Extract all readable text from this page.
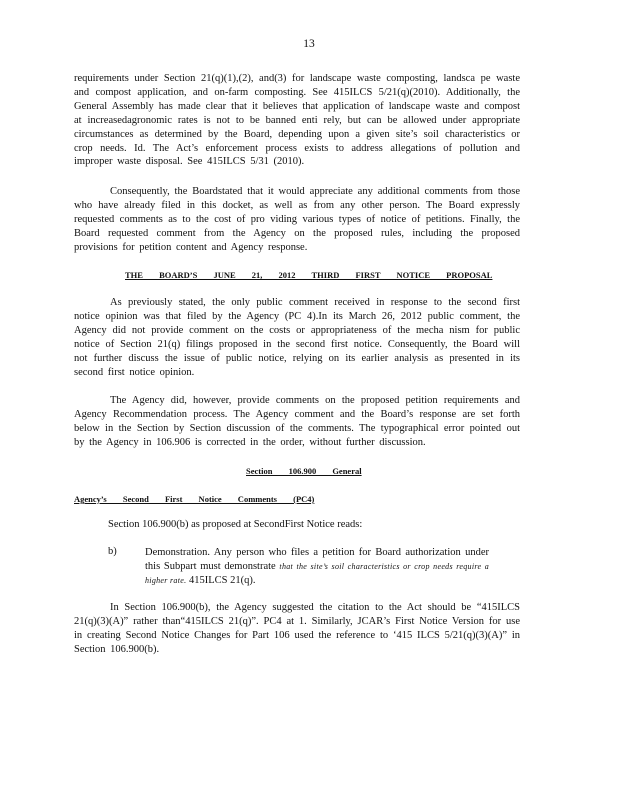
13

requirements under Section 21(q)(1),(2), and(3) for landscape waste composting, landsca pe waste and compost application, and on-farm composting. See 415ILCS 5/21(q)(2010). Additionally, the General Assembly has made clear that it believes that application of landscape waste and compost at increasedagronomic rates is not to be banned enti rely, but can be allowed under appropriate circumstances as determined by the Board, depending upon a given site’s soil characteristics or crop needs. Id. The Act’s enforcement process exists to address allegations of pollution and improper waste disposal. See 415ILCS 5/31 (2010).

Consequently, the Boardstated that it would appreciate any additional comments from those who have already filed in this docket, as well as from any other person. The Board expressly requested comments as to the cost of pro viding various types of notice of petitions. Finally, the Board requested comment from the Agency on the proposed rules, including the proposed provisions for petition content and Agency response.

THE BOARD’S JUNE 21, 2012 THIRD FIRST NOTICE PROPOSAL

As previously stated, the only public comment received in response to the second first notice opinion was that filed by the Agency (PC 4).In its March 26, 2012 public comment, the Agency did not provide comment on the costs or appropriateness of the mecha nism for public notice of Section 21(q) filings proposed in the second first notice. Consequently, the Board will not further discuss the issue of public notice, relying on its earlier analysis as presented in its second first notice opinion.

The Agency did, however, provide comments on the proposed petition requirements and Agency Recommendation process. The Agency comment and the Board’s response are set forth below in the Section by Section discussion of the comments. The typographical error pointed out by the Agency in 106.906 is corrected in the order, without further discussion.

Section 106.900 General
Agency’s Second First Notice Comments (PC4)
Section 106.900(b) as proposed at SecondFirst Notice reads:
b)	Demonstration. Any person who files a petition for Board authorization under this Subpart must demonstrate that the site’s soil characteristics or crop needs require a higher rate. 415ILCS 21(q).

In Section 106.900(b), the Agency suggested the citation to the Act should be “415ILCS 21(q)(3)(A)” rather than“415ILCS 21(q)”. PC4 at 1. Similarly, JCAR’s First Notice Version for use in creating Second Notice Changes for Part 106 used the reference to ‘415 ILCS 5/21(q)(3)(A)” in Section 106.900(b).
